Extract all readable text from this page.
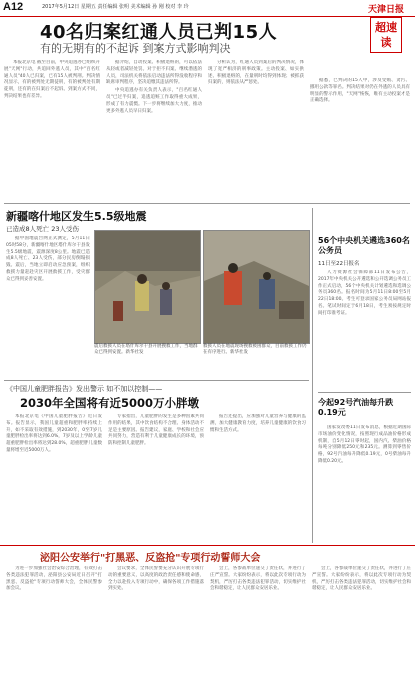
A12	2017年5月12日 星期五 责任编辑 张明 美术编辑 孙 刚 校对 李 玲	天津日报
超速读
40名归案红通人员已判15人
有的无期有的不起诉 到案方式影响判决

本报北京电 截至目前，中央追逃办已组织开展"天网"行动，共追回外逃人员，其中"百名红通人员"40人已归案，已有15人被判刑。判决情况显示，有的被判处无期徒刑，有的被判处有期徒刑，还有的在归案后不起诉。到案方式不同，判决结果也有差异。

据介绍，自动投案、积极退赃的，可以依法从轻或者减轻处罚。对于拒不归案、继续潜逃的人员，司法机关将依法启动违法所得没收程序和缺席审判程序，坚决追缴其违法所得。

中央追逃办有关负责人表示，"百名红通人员"已过半归案，追逃追赃工作取得重大成果，形成了有力震慑。下一步将继续加大力度，推动更多外逃人员早日归案。

分析认为，红通人员到案后的判决情况，体现了宽严相济的刑事政策。主动投案、如实供述、积极退赃的，在量刑时均得到体现；被抓获归案的，则依法从严惩处。	据悉，已判决的15人中，涉及受贿、贪污、挪用公款等罪名。判决结果对仍在外逃的人员具有明显的警示作用，"天网"恢恢，唯有主动投案才是正确选择。

新疆喀什地区发生5.5级地震
已造成8人死亡 23人受伤

据中国地震台网正式测定，5月11日05时58分，新疆喀什地区塔什库尔干县发生5.5级地震，震源深度8公里。地震已造成8人死亡、23人受伤，部分民房倒塌损毁。震后，当地立即启动应急预案，组织救援力量赶赴灾区开展救援工作，受灾群众已得到妥善安置。

震后救援人员在塔什库尔干县开展搜救工作，当地群众已得到安置。新华社发
救援人员在地震现场搜救被困群众，目前救援工作仍在有序进行。新华社发
《中国儿童肥胖报告》发出警示 如不加以控制——
2030年全国将有近5000万小胖墩

本报北京电《中国儿童肥胖报告》近日发布。报告显示，我国儿童超重和肥胖率持续上升，如不采取有效措施，到2030年，0至7岁儿童肥胖检出率将达到6.0%，7岁及以上学龄儿童超重肥胖检出率将达到28.0%，超重肥胖儿童数量将增至近5000万人。

专家指出，儿童肥胖的发生是多种因素共同作用的结果，其中饮食结构不合理、身体活动不足是主要原因。报告建议，家庭、学校和社会应共同努力，营造有利于儿童健康成长的环境，预防和控制儿童肥胖。

报告还提出，应加强对儿童营养与健康的监测，加大健康教育力度，培养儿童健康的饮食习惯和生活方式。

56个中央机关遴选360名公务员
11日至22日报名

人力资源社会保障部11日发布公告，2017年中央机关公开遴选和公开选调公务员工作正式启动，56个中央机关计划遴选和选调公务员360名。报名时间为5月11日8:00至5月22日18:00。考生可登录国家公务员局网站报名。笔试时间定于6月18日，考生须按规定时间打印准考证。

今起92号汽油每升跌0.19元

国家发改委11日发布消息，根据近期国际市场油价变化情况，按照现行成品油价格形成机制，自5月12日零时起，国内汽、柴油价格每吨分别降低250元和235元。测算到零售价格，92号汽油每升降低0.19元，0号柴油每升降低0.20元。

泌阳公安举行"打黑恶、反盗抢"专项行动誓师大会

为进一步加强社会治安综合治理，有效打击各类违法犯罪活动，泌阳县公安局近日召开"打黑恶、反盗抢"专项行动誓师大会，全体民警参加会议。

会议要求，全体民警要充分认识开展专项行动的重要意义，以高度的政治责任感和使命感，全力以赴投入专项行动中，确保各项工作措施落到实处。

会上，各参战单位递交了责任状，并进行了庄严宣誓。大家纷纷表示，将以此次专项行动为契机，严厉打击各类违法犯罪活动，切实维护社会和谐稳定，让人民群众安居乐业。

会上，各参战单位递交了责任状，并进行了庄严宣誓。大家纷纷表示，将以此次专项行动为契机，严厉打击各类违法犯罪活动，切实维护社会和谐稳定，让人民群众安居乐业。
